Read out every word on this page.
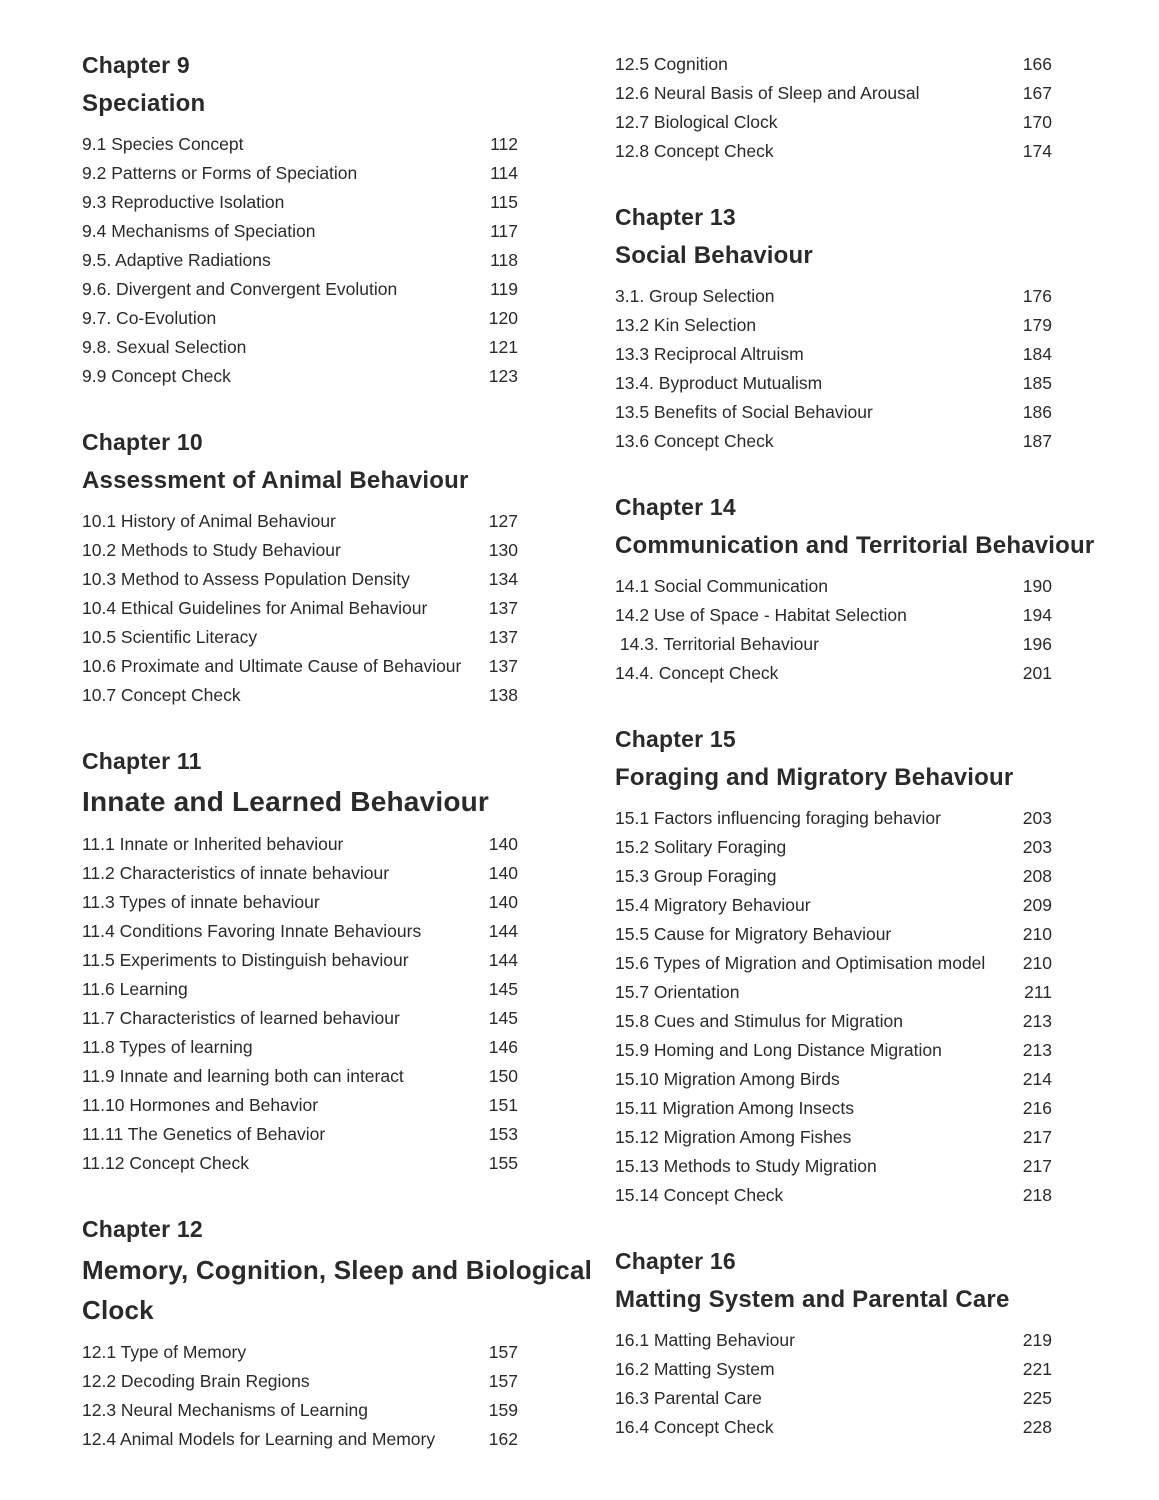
Chapter 9
Speciation
9.1 Species Concept	112
9.2 Patterns or Forms of Speciation	114
9.3 Reproductive Isolation	115
9.4 Mechanisms of Speciation	117
9.5. Adaptive Radiations	118
9.6. Divergent and Convergent Evolution	119
9.7. Co-Evolution	120
9.8. Sexual Selection	121
9.9 Concept Check	123
Chapter 10
Assessment of Animal Behaviour
10.1 History of Animal Behaviour	127
10.2 Methods to Study Behaviour	130
10.3 Method to Assess Population Density	134
10.4 Ethical Guidelines for Animal Behaviour	137
10.5 Scientific Literacy	137
10.6 Proximate and Ultimate Cause of Behaviour 137
10.7 Concept Check	138
Chapter 11
Innate and Learned Behaviour
11.1 Innate or Inherited behaviour	140
11.2 Characteristics of innate behaviour	140
11.3 Types of innate behaviour	140
11.4 Conditions Favoring Innate Behaviours	144
11.5 Experiments to Distinguish behaviour	144
11.6 Learning	145
11.7 Characteristics of learned behaviour	145
11.8 Types of learning	146
11.9 Innate and learning both can interact	150
11.10 Hormones and Behavior	151
11.11 The Genetics of Behavior	153
11.12 Concept Check	155
Chapter 12
Memory, Cognition, Sleep and Biological
Clock
12.1 Type of Memory	157
12.2 Decoding Brain Regions	157
12.3 Neural Mechanisms of Learning	159
12.4 Animal Models for Learning and Memory	162
12.5 Cognition	166
12.6 Neural Basis of Sleep and Arousal	167
12.7 Biological Clock	170
12.8 Concept Check	174
Chapter 13
Social Behaviour
3.1. Group Selection	176
13.2 Kin Selection	179
13.3 Reciprocal Altruism	184
13.4. Byproduct Mutualism	185
13.5 Benefits of Social Behaviour	186
13.6 Concept Check	187
Chapter 14
Communication and Territorial Behaviour
14.1 Social Communication	190
14.2 Use of Space - Habitat Selection	194
14.3. Territorial Behaviour	196
14.4. Concept Check	201
Chapter 15
Foraging and Migratory Behaviour
15.1 Factors influencing foraging behavior	203
15.2 Solitary Foraging	203
15.3 Group Foraging	208
15.4 Migratory Behaviour	209
15.5 Cause for Migratory Behaviour	210
15.6 Types of Migration and Optimisation model 210
15.7 Orientation	211
15.8 Cues and Stimulus for Migration	213
15.9 Homing and Long Distance Migration	213
15.10 Migration Among Birds	214
15.11 Migration Among Insects	216
15.12 Migration Among Fishes	217
15.13 Methods to Study Migration	217
15.14 Concept Check	218
Chapter 16
Matting System and Parental Care
16.1 Matting Behaviour	219
16.2 Matting System	221
16.3 Parental Care	225
16.4 Concept Check	228
